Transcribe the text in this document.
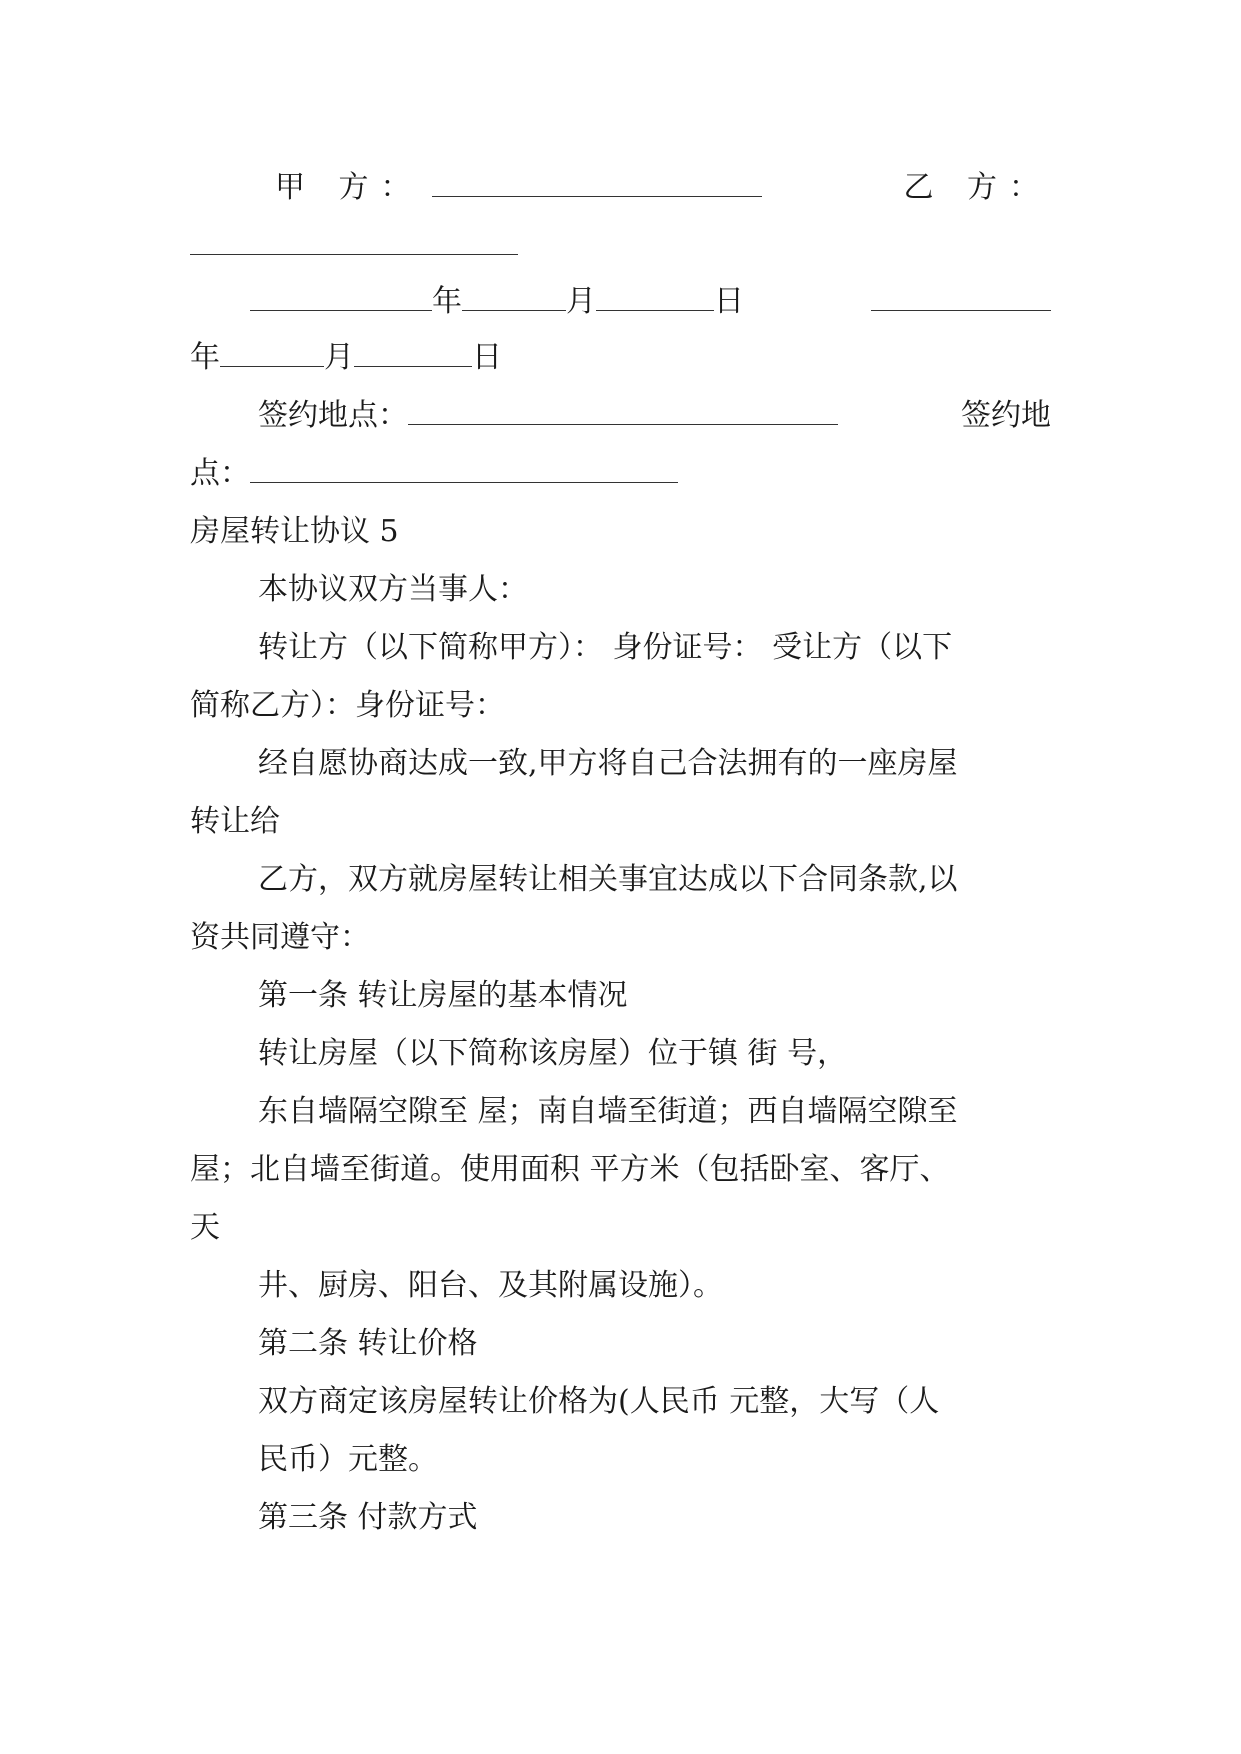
甲 方：	乙 方：
年	月	日
年	月	日
签约地点：	签约地
点：
房屋转让协议 5
本协议双方当事人：
转让方（以下简称甲方）： 身份证号： 受让方（以下
简称乙方）：身份证号：
经自愿协商达成一致,甲方将自己合法拥有的一座房屋
转让给
乙方，双方就房屋转让相关事宜达成以下合同条款,以
资共同遵守：
第一条 转让房屋的基本情况
转让房屋（以下简称该房屋）位于镇 街 号，
东自墙隔空隙至 屋；南自墙至街道；西自墙隔空隙至
屋；北自墙至街道。使用面积 平方米（包括卧室、客厅、
天
井、厨房、阳台、及其附属设施）。
第二条 转让价格
双方商定该房屋转让价格为(人民币 元整，大写（人
民币）元整。
第三条 付款方式
